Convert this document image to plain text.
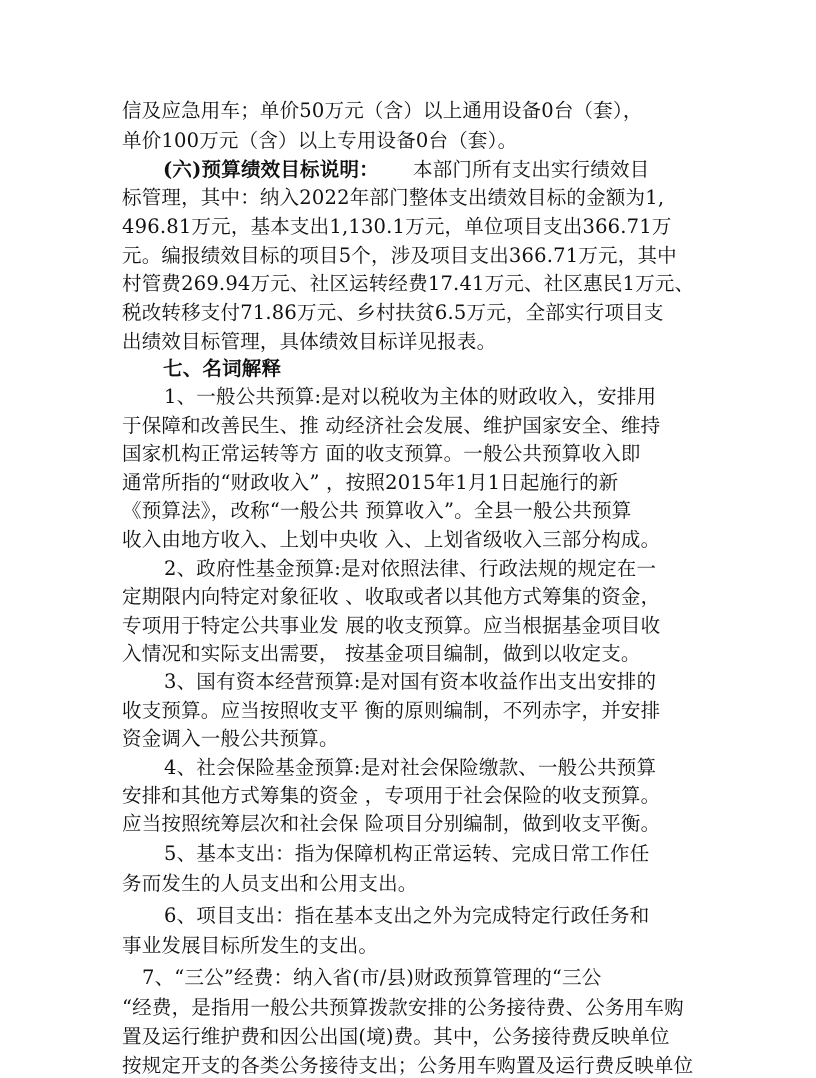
信及应急用车；单价50万元（含）以上通用设备0台（套），
单价100万元（含）以上专用设备0台（套）。
(六)预算绩效目标说明： 本部门所有支出实行绩效目
标管理，其中：纳入2022年部门整体支出绩效目标的金额为1,
496.81万元，基本支出1,130.1万元，单位项目支出366.71万
元。编报绩效目标的项目5个，涉及项目支出366.71万元，其中
村管费269.94万元、社区运转经费17.41万元、社区惠民1万元、
税改转移支付71.86万元、乡村扶贫6.5万元，全部实行项目支
出绩效目标管理，具体绩效目标详见报表。
七、名词解释
1、一般公共预算:是对以税收为主体的财政收入，安排用
于保障和改善民生、推 动经济社会发展、维护国家安全、维持
国家机构正常运转等方 面的收支预算。一般公共预算收入即
通常所指的“财政收入” ，按照2015年1月1日起施行的新
《预算法》，改称“一般公共 预算收入”。全县一般公共预算
收入由地方收入、上划中央收 入、上划省级收入三部分构成。
2、政府性基金预算:是对依照法律、行政法规的规定在一
定期限内向特定对象征收 、收取或者以其他方式筹集的资金，
专项用于特定公共事业发 展的收支预算。应当根据基金项目收
入情况和实际支出需要， 按基金项目编制，做到以收定支。
3、国有资本经营预算:是对国有资本收益作出支出安排的
收支预算。应当按照收支平 衡的原则编制，不列赤字，并安排
资金调入一般公共预算。
4、社会保险基金预算:是对社会保险缴款、一般公共预算
安排和其他方式筹集的资金 ，专项用于社会保险的收支预算。
应当按照统筹层次和社会保 险项目分别编制，做到收支平衡。
5、基本支出：指为保障机构正常运转、完成日常工作任
务而发生的人员支出和公用支出。
6、项目支出：指在基本支出之外为完成特定行政任务和
事业发展目标所发生的支出。
7、“三公”经费：纳入省(市/县)财政预算管理的“三公
“经费，是指用一般公共预算拨款安排的公务接待费、公务用车购
置及运行维护费和因公出国(境)费。其中，公务接待费反映单位
按规定开支的各类公务接待支出；公务用车购置及运行费反映单位
